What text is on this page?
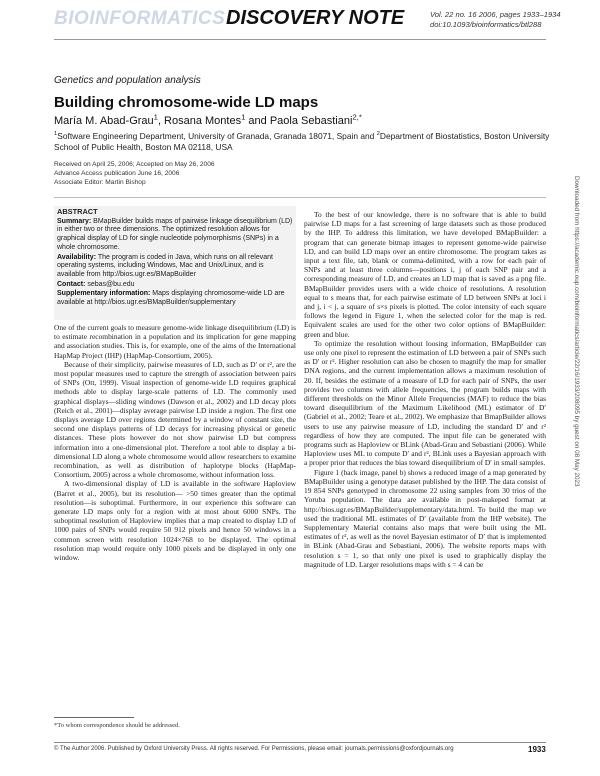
BIOINFORMATICS DISCOVERY NOTE	Vol. 22 no. 16 2006, pages 1933–1934
doi:10.1093/bioinformatics/btl288
Genetics and population analysis
Building chromosome-wide LD maps
María M. Abad-Grau$^1$, Rosana Montes$^1$ and Paola Sebastiani$^{2,*}$
$^1$Software Engineering Department, University of Granada, Granada 18071, Spain and $^2$Department of Biostatistics, Boston University School of Public Health, Boston MA 02118, USA
Received on April 25, 2006; Accepted on May 26, 2006
Advance Access publication June 16, 2006
Associate Editor: Martin Bishop
ABSTRACT

Summary: BMapBuilder builds maps of pairwise linkage disequilibrium (LD) in either two or three dimensions. The optimized resolution allows for graphical display of LD for single nucleotide polymorphisms (SNPs) in a whole chromosome.

Availability: The program is coded in Java, which runs on all relevant operating systems, including Windows, Mac and Unix/Linux, and is available from http://bios.ugr.es/BMapBuilder

Contact: sebas@bu.edu

Supplementary information: Maps displaying chromosome-wide LD are available at http://bios.ugr.es/BMapBuilder/supplementary

One of the current goals to measure genome-wide linkage disequilibrium (LD) is to estimate recombination in a population and its implication for gene mapping and association studies. This is, for example, one of the aims of the International HapMap Project (IHP) (HapMap-Consortium, 2005).

Because of their simplicity, pairwise measures of LD, such as D′ or r², are the most popular measures used to capture the strength of association between pairs of SNPs (Ott, 1999). Visual inspection of genome-wide LD requires graphical methods able to display large-scale patterns of LD. The commonly used graphical displays—sliding windows (Dawson et al., 2002) and LD decay plots (Reich et al., 2001)—display average pairwise LD inside a region. The first one displays average LD over regions determined by a window of constant size, the second one displays patterns of LD decays for increasing physical or genetic distances. These plots however do not show pairwise LD but compress information into a one-dimensional plot. Therefore a tool able to display a bi-dimensional LD along a whole chromosome would allow researchers to examine recombination, as well as distribution of haplotype blocks (HapMap-Consortium, 2005) across a whole chromosome, without information loss.

A two-dimensional display of LD is available in the software Haploview (Barret et al., 2005), but its resolution— >50 times greater than the optimal resolution—is suboptimal. Furthermore, in our experience this software can generate LD maps only for a region with at most about 6000 SNPs. The suboptimal resolution of Haploview implies that a map created to display LD of 1000 pairs of SNPs would require 50 912 pixels and hence 50 windows in a common screen with resolution 1024×768 to be displayed. The optimal resolution map would require only 1000 pixels and be displayed in only one window.

To the best of our knowledge, there is no software that is able to build pairwise LD maps for a fast screening of large datasets such as those produced by the IHP. To address this limitation, we have developed BMapBuilder: a program that can generate bitmap images to represent genome-wide pairwise LD, and can build LD maps over an entire chromosome. The program takes as input a text file, tab, blank or comma-delimited, with a row for each pair of SNPs and at least three columns—positions i, j of each SNP pair and a corresponding measure of LD, and creates an LD map that is saved as a png file. BMapBuilder provides users with a wide choice of resolutions. A resolution equal to s means that, for each pairwise estimate of LD between SNPs at loci i and j, i < j, a square of s×s pixels is plotted. The color intensity of each square follows the legend in Figure 1, when the selected color for the map is red. Equivalent scales are used for the other two color options of BMapBuilder: green and blue.

To optimize the resolution without loosing information, BMapBuilder can use only one pixel to represent the estimation of LD between a pair of SNPs such as D′ or r². Higher resolution can also be chosen to magnify the map for smaller DNA regions, and the current implementation allows a maximum resolution of 20. If, besides the estimate of a measure of LD for each pair of SNPs, the user provides two columns with allele frequencies, the program builds maps with different thresholds on the Minor Allele Frequencies (MAF) to reduce the bias toward disequilibrium of the Maximum Likelihood (ML) estimator of D′ (Gabriel et al., 2002; Teare et al., 2002). We emphasize that BmapBuilder allows users to use any pairwise measure of LD, including the standard D′ and r² regardless of how they are computed. The input file can be generated with programs such as Haploview or BLink (Abad-Grau and Sebastiani (2006). While Haploview uses ML to compute D′ and r², BLink uses a Bayesian approach with a proper prior that reduces the bias toward disequilibrium of D′ in small samples.

Figure 1 (back image, panel b) shows a reduced image of a map generated by BMapBuilder using a genotype dataset published by the IHP. The data consist of 19 854 SNPs genotyped in chromosome 22 using samples from 30 trios of the Yoruba population. The data are available in post-makeped format at http://bios.ugr.es/BMapBuilder/supplementary/data.html. To build the map we used the traditional ML estimates of D′ (available from the IHP website). The Supplementary Material contains also maps that were built using the ML estimates of r², as well as the novel Bayesian estimator of D′ that is implemented in BLink (Abad-Grau and Sebastiani, 2006). The website reports maps with resolution s = 1, so that only one pixel is used to graphically display the magnitude of LD. Larger resolutions maps with s = 4 can be

*To whom correspondence should be addressed.
© The Author 2006. Published by Oxford University Press. All rights reserved. For Permissions, please email: journals.permissions@oxfordjournals.org	1933
Downloaded from https://academic.oup.com/bioinformatics/article/22/16/1933/208095 by guest on 08 May 2023
